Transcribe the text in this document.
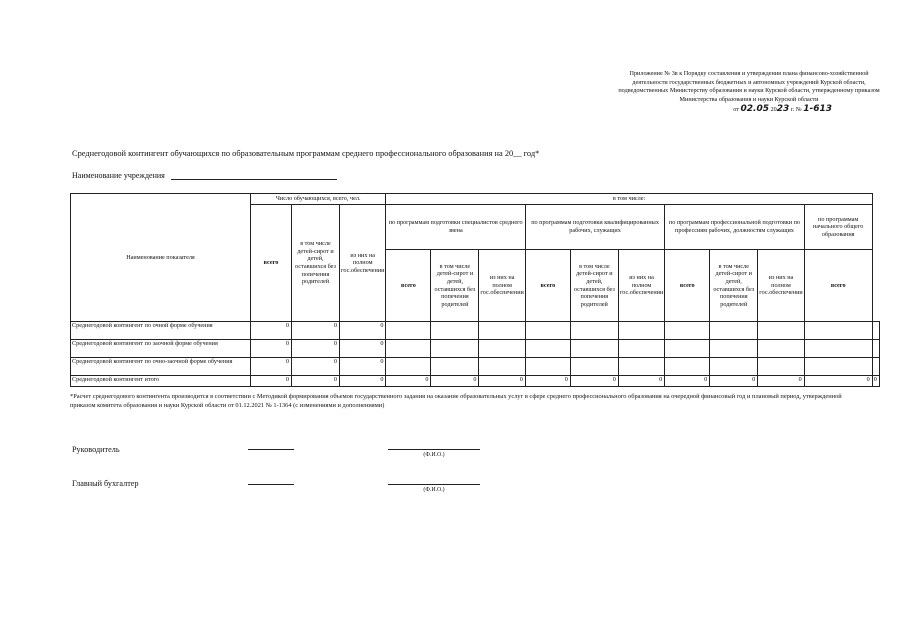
Приложение № 3в к Порядку составления и утверждения плана финансово-хозяйственной деятельности государственных бюджетных и автономных учреждений Курской области, подведомственных Министерству образования и науки Курской области, утвержденному приказом Министерства образования и науки Курской области
от 02.05 2023 г. № 1-613
Среднегодовой контингент обучающихся по образовательным программам среднего профессионального образования на 20__ год*
Наименование учреждения
Наименование показателя	Число обучающихся, всего, чел.			в том числе:										
	всего	в том числе детей-сирот и детей, оставшихся без попечения родителей	из них на полном гос.обеспечении	по программам подготовки специалистов среднего звена			по программам подготовки квалифицированных рабочих, служащих			по программам профессиональной подготовки по профессиям рабочих, должностям служащих			по программам начального общего образования	
				всего	в том числе детей-сирот и детей, оставшихся без попечения родителей	из них на полном гос.обеспечении	всего	в том числе детей-сирот и детей, оставшихся без попечения родителей	из них на полном гос.обеспечении	всего	в том числе детей-сирот и детей, оставшихся без попечения родителей	из них на полном гос.обеспечении	всего	
Среднегодовой контингент по очной форме обучения	0	0	0											
Среднегодовой контингент по заочной форме обучения	0	0	0											
Среднегодовой контингент по очно-заочной форме обучения	0	0	0											
Среднегодовой контингент итого	0	0	0	0	0	0	0	0	0	0	0	0	0	0
*Расчет среднегодового контингента производится в соответствии с Методикой формирования объемов государственного задания на оказание образовательных услуг в сфере среднего профессионального образования на очередной финансовый год и плановый период, утвержденной приказом комитета образования и науки Курской области от 01.12.2021 № 1-1364 (с изменениями и дополнениями)
Руководитель
(Ф.И.О.)
Главный бухгалтер
(Ф.И.О.)
